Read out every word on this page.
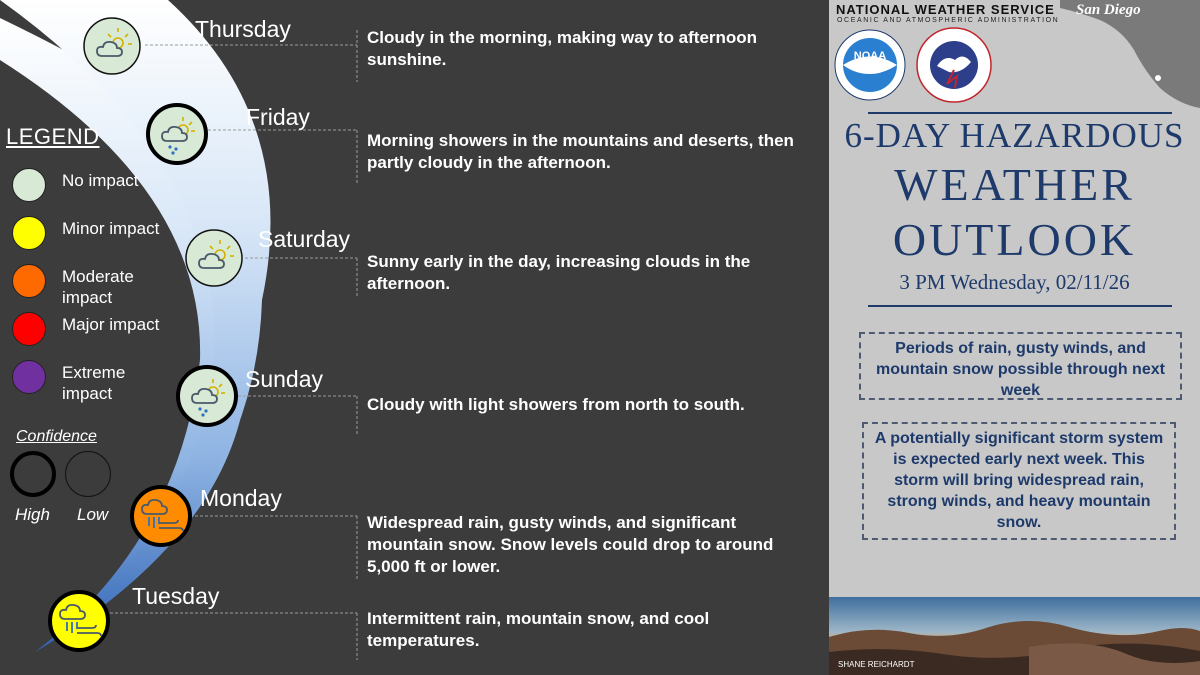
LEGEND
No impact
Minor impact
Moderate impact
Major impact
Extreme impact
Confidence
High Low
Thursday
Friday
Saturday
Sunday
Monday
Tuesday
Cloudy in the morning, making way to afternoon sunshine.
Morning showers in the mountains and deserts, then partly cloudy in the afternoon.
Sunny early in the day, increasing clouds in the afternoon.
Cloudy with light showers from north to south.
Widespread rain, gusty winds, and significant mountain snow. Snow levels could drop to around 5,000 ft or lower.
Intermittent rain, mountain snow, and cool temperatures.
San Diego
NATIONAL WEATHER SERVICE
OCEANIC AND ATMOSPHERIC ADMINISTRATION
NOAA
6-DAY HAZARDOUS
WEATHER
OUTLOOK
3 PM Wednesday, 02/11/26
Periods of rain, gusty winds, and mountain snow possible through next week
A potentially significant storm system is expected early next week. This storm will bring widespread rain, strong winds, and heavy mountain snow.
SHANE REICHARDT
